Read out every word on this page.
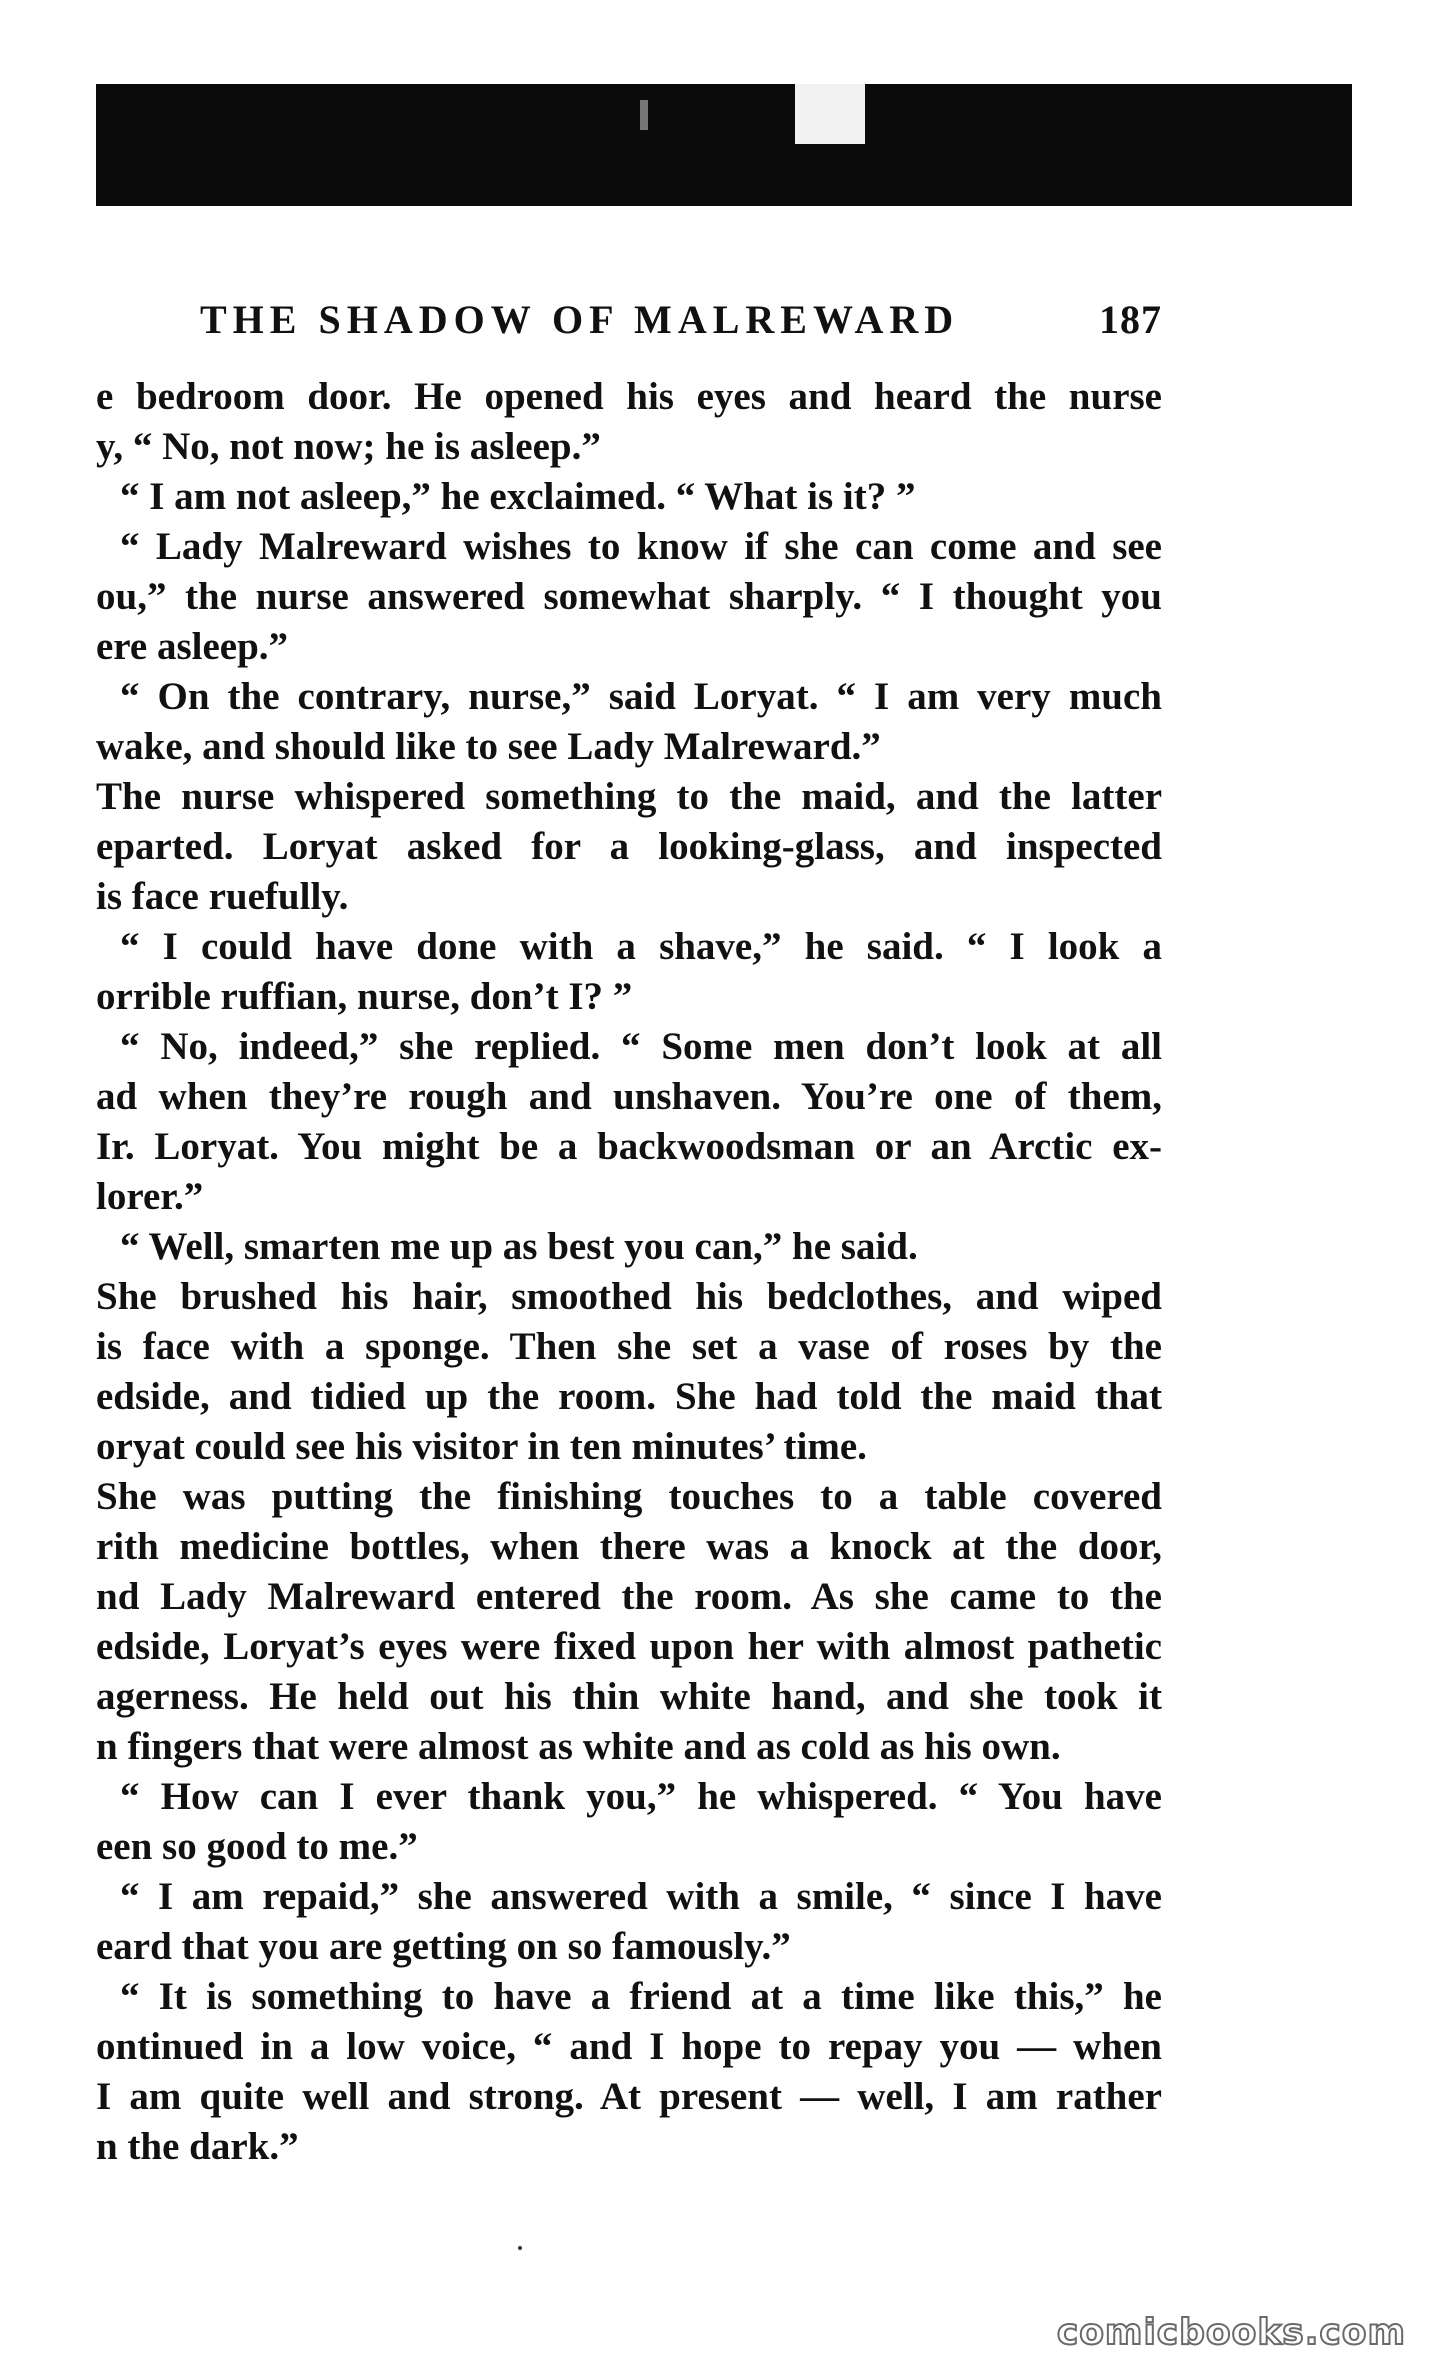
THE SHADOW OF MALREWARD	187
e bedroom door. He opened his eyes and heard the nurse
y, “ No, not now; he is asleep.”
“ I am not asleep,” he exclaimed. “ What is it? ”
“ Lady Malreward wishes to know if she can come and see
ou,” the nurse answered somewhat sharply. “ I thought you
ere asleep.”
“ On the contrary, nurse,” said Loryat. “ I am very much
wake, and should like to see Lady Malreward.”
The nurse whispered something to the maid, and the latter
eparted. Loryat asked for a looking-glass, and inspected
is face ruefully.
“ I could have done with a shave,” he said. “ I look a
orrible ruffian, nurse, don’t I? ”
“ No, indeed,” she replied. “ Some men don’t look at all
ad when they’re rough and unshaven. You’re one of them,
Ir. Loryat. You might be a backwoodsman or an Arctic ex-
lorer.”
“ Well, smarten me up as best you can,” he said.
She brushed his hair, smoothed his bedclothes, and wiped
is face with a sponge. Then she set a vase of roses by the
edside, and tidied up the room. She had told the maid that
oryat could see his visitor in ten minutes’ time.
She was putting the finishing touches to a table covered
rith medicine bottles, when there was a knock at the door,
nd Lady Malreward entered the room. As she came to the
edside, Loryat’s eyes were fixed upon her with almost pathetic
agerness. He held out his thin white hand, and she took it
n fingers that were almost as white and as cold as his own.
“ How can I ever thank you,” he whispered. “ You have
een so good to me.”
“ I am repaid,” she answered with a smile, “ since I have
eard that you are getting on so famously.”
“ It is something to have a friend at a time like this,” he
ontinued in a low voice, “ and I hope to repay you — when
I am quite well and strong. At present — well, I am rather
n the dark.”
comicbooks.com
